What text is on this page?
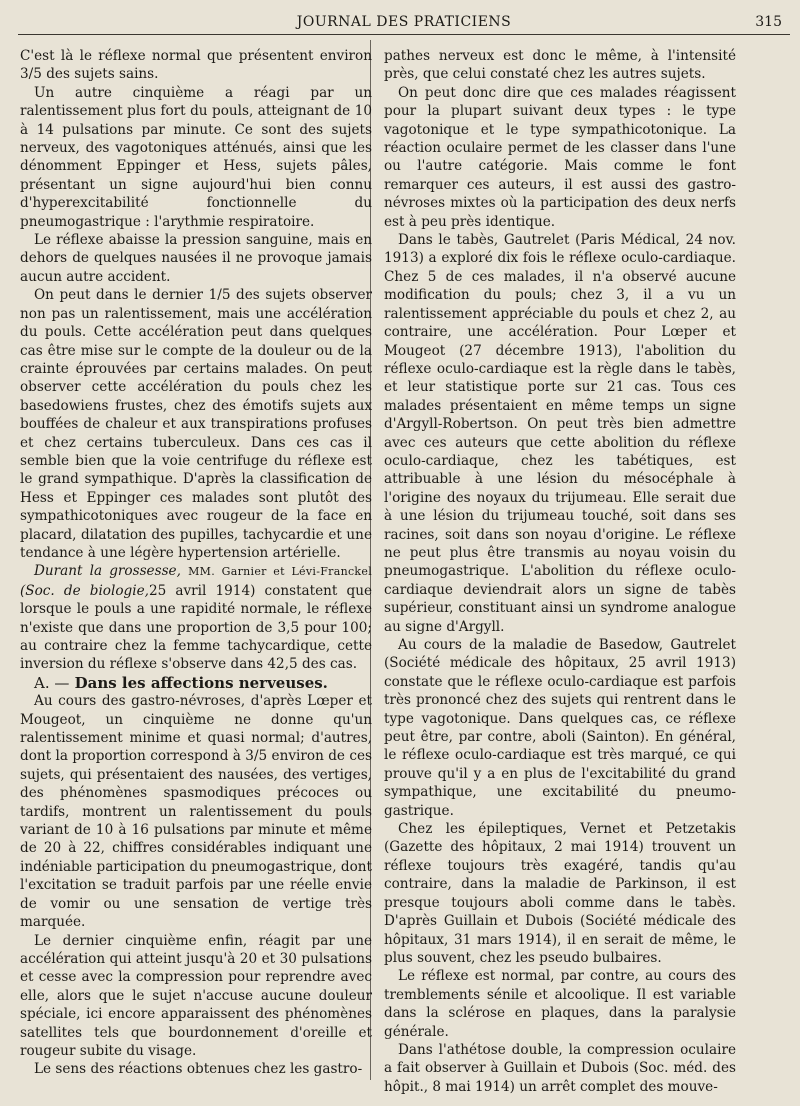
JOURNAL DES PRATICIENS	315

C'est là le réflexe normal que présentent environ 3/5 des sujets sains.

Un autre cinquième a réagi par un ralentissement plus fort du pouls, atteignant de 10 à 14 pulsations par minute. Ce sont des sujets nerveux, des vagotoniques atténués, ainsi que les dénomment Eppinger et Hess, sujets pâles, présentant un signe aujourd'hui bien connu d'hyperexcitabilité fonctionnelle du pneumogastrique : l'arythmie respiratoire.

Le réflexe abaisse la pression sanguine, mais en dehors de quelques nausées il ne provoque jamais aucun autre accident.

On peut dans le dernier 1/5 des sujets observer non pas un ralentissement, mais une accélération du pouls. Cette accélération peut dans quelques cas être mise sur le compte de la douleur ou de la crainte éprouvées par certains malades. On peut observer cette accélération du pouls chez les basedowiens frustes, chez des émotifs sujets aux bouffées de chaleur et aux transpirations profuses et chez certains tuberculeux. Dans ces cas il semble bien que la voie centrifuge du réflexe est le grand sympathique. D'après la classification de Hess et Eppinger ces malades sont plutôt des sympathicotoniques avec rougeur de la face en placard, dilatation des pupilles, tachycardie et une tendance à une légère hypertension artérielle.

Durant la grossesse, MM. Garnier et Lévi-Franckel (Soc. de biologie,25 avril 1914) constatent que lorsque le pouls a une rapidité normale, le réflexe n'existe que dans une proportion de 3,5 pour 100; au contraire chez la femme tachycardique, cette inversion du réflexe s'observe dans 42,5 des cas.

A. — Dans les affections nerveuses.

Au cours des gastro-névroses, d'après Lœper et Mougeot, un cinquième ne donne qu'un ralentissement minime et quasi normal; d'autres, dont la proportion correspond à 3/5 environ de ces sujets, qui présentaient des nausées, des vertiges, des phénomènes spasmodiques précoces ou tardifs, montrent un ralentissement du pouls variant de 10 à 16 pulsations par minute et même de 20 à 22, chiffres considérables indiquant une indéniable participation du pneumogastrique, dont l'excitation se traduit parfois par une réelle envie de vomir ou une sensation de vertige très marquée.

Le dernier cinquième enfin, réagit par une accélération qui atteint jusqu'à 20 et 30 pulsations et cesse avec la compression pour reprendre avec elle, alors que le sujet n'accuse aucune douleur spéciale, ici encore apparaissent des phénomènes satellites tels que bourdonnement d'oreille et rougeur subite du visage.

Le sens des réactions obtenues chez les gastro-

pathes nerveux est donc le même, à l'intensité près, que celui constaté chez les autres sujets.

On peut donc dire que ces malades réagissent pour la plupart suivant deux types : le type vagotonique et le type sympathicotonique. La réaction oculaire permet de les classer dans l'une ou l'autre catégorie. Mais comme le font remarquer ces auteurs, il est aussi des gastro-névroses mixtes où la participation des deux nerfs est à peu près identique.

Dans le tabès, Gautrelet (Paris Médical, 24 nov. 1913) a exploré dix fois le réflexe oculo-cardiaque. Chez 5 de ces malades, il n'a observé aucune modification du pouls; chez 3, il a vu un ralentissement appréciable du pouls et chez 2, au contraire, une accélération. Pour Lœper et Mougeot (27 décembre 1913), l'abolition du réflexe oculo-cardiaque est la règle dans le tabès, et leur statistique porte sur 21 cas. Tous ces malades présentaient en même temps un signe d'Argyll-Robertson. On peut très bien admettre avec ces auteurs que cette abolition du réflexe oculo-cardiaque, chez les tabétiques, est attribuable à une lésion du mésocéphale à l'origine des noyaux du trijumeau. Elle serait due à une lésion du trijumeau touché, soit dans ses racines, soit dans son noyau d'origine. Le réflexe ne peut plus être transmis au noyau voisin du pneumogastrique. L'abolition du réflexe oculo-cardiaque deviendrait alors un signe de tabès supérieur, constituant ainsi un syndrome analogue au signe d'Argyll.

Au cours de la maladie de Basedow, Gautrelet (Société médicale des hôpitaux, 25 avril 1913) constate que le réflexe oculo-cardiaque est parfois très prononcé chez des sujets qui rentrent dans le type vagotonique. Dans quelques cas, ce réflexe peut être, par contre, aboli (Sainton). En général, le réflexe oculo-cardiaque est très marqué, ce qui prouve qu'il y a en plus de l'excitabilité du grand sympathique, une excitabilité du pneumo-gastrique.

Chez les épileptiques, Vernet et Petzetakis (Gazette des hôpitaux, 2 mai 1914) trouvent un réflexe toujours très exagéré, tandis qu'au contraire, dans la maladie de Parkinson, il est presque toujours aboli comme dans le tabès. D'après Guillain et Dubois (Société médicale des hôpitaux, 31 mars 1914), il en serait de même, le plus souvent, chez les pseudo bulbaires.

Le réflexe est normal, par contre, au cours des tremblements sénile et alcoolique. Il est variable dans la sclérose en plaques, dans la paralysie générale.

Dans l'athétose double, la compression oculaire a fait observer à Guillain et Dubois (Soc. méd. des hôpit., 8 mai 1914) un arrêt complet des mouve-
